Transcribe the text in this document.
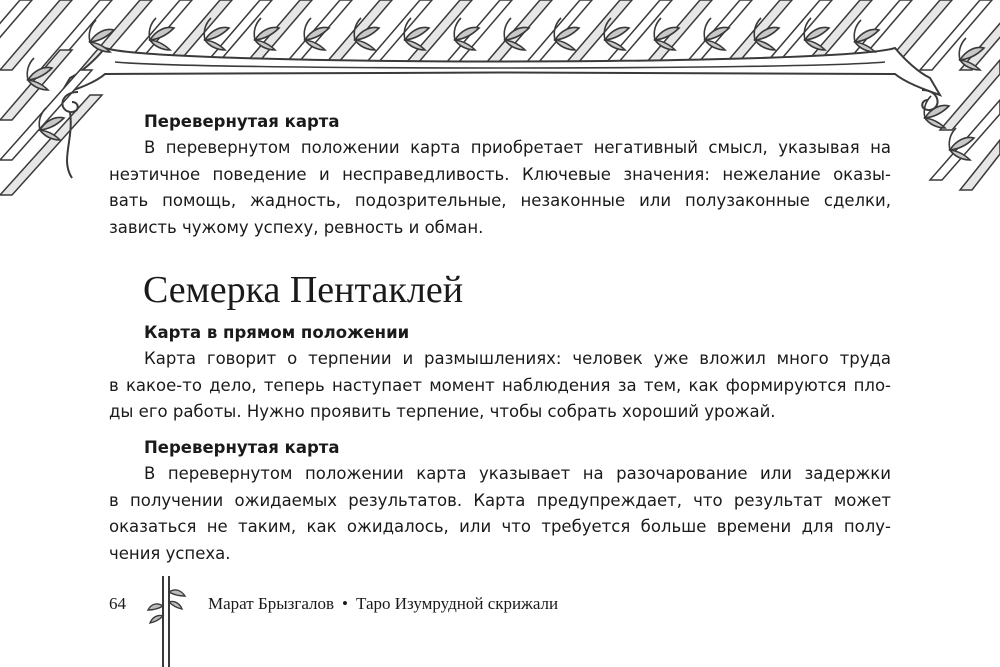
Перевернутая карта

В перевернутом положении карта приобретает негативный смысл, указывая на
неэтичное поведение и несправедливость. Ключевые значения: нежелание оказы-
вать помощь, жадность, подозрительные, незаконные или полузаконные сделки,
зависть чужому успеху, ревность и обман.

Семерка Пентаклей

Карта в прямом положении

Карта говорит о терпении и размышлениях: человек уже вложил много труда
в какое-то дело, теперь наступает момент наблюдения за тем, как формируются пло-
ды его работы. Нужно проявить терпение, чтобы собрать хороший урожай.

Перевернутая карта

В перевернутом положении карта указывает на разочарование или задержки
в получении ожидаемых результатов. Карта предупреждает, что результат может
оказаться не таким, как ожидалось, или что требуется больше времени для полу-
чения успеха.

64	Марат Брызгалов • Таро Изумрудной скрижали
